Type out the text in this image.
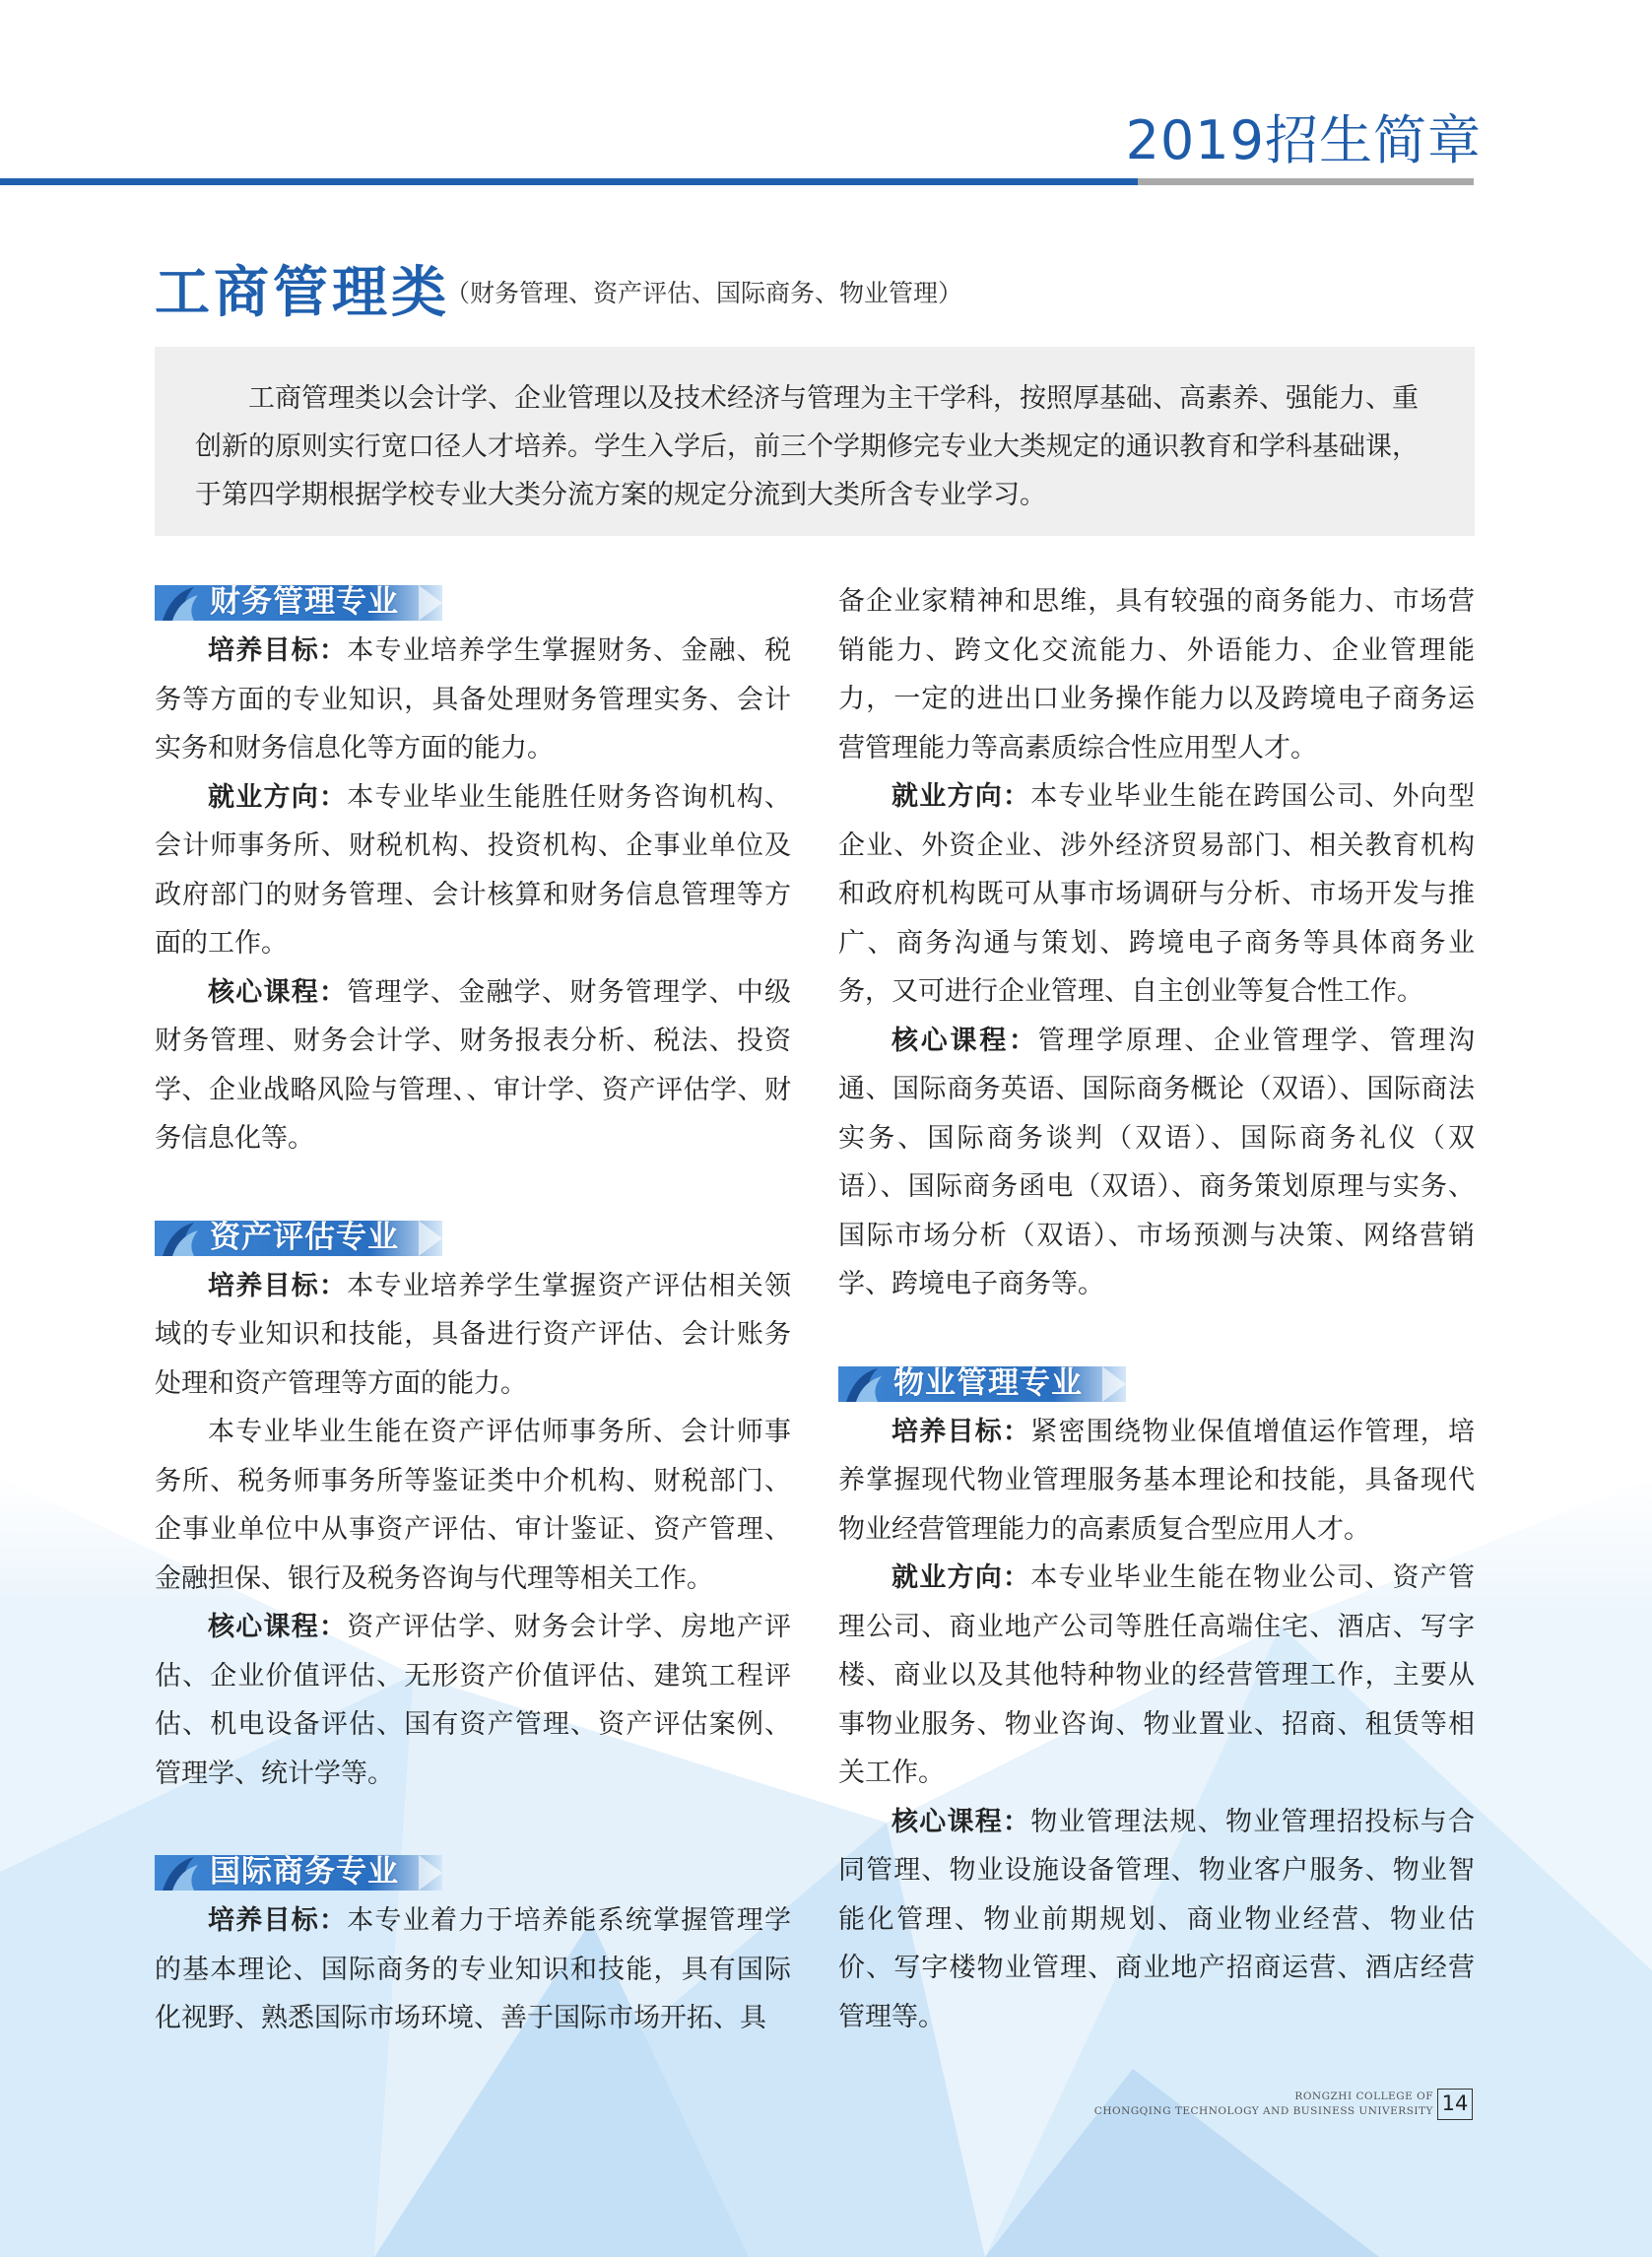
2019招生简章
工商管理类
（财务管理、资产评估、国际商务、物业管理）

工商管理类以会计学、企业管理以及技术经济与管理为主干学科，按照厚基础、高素养、强能力、重创新的原则实行宽口径人才培养。学生入学后，前三个学期修完专业大类规定的通识教育和学科基础课，于第四学期根据学校专业大类分流方案的规定分流到大类所含专业学习。

财务管理专业

培养目标：本专业培养学生掌握财务、金融、税务等方面的专业知识，具备处理财务管理实务、会计实务和财务信息化等方面的能力。

就业方向：本专业毕业生能胜任财务咨询机构、会计师事务所、财税机构、投资机构、企事业单位及政府部门的财务管理、会计核算和财务信息管理等方面的工作。

核心课程：管理学、金融学、财务管理学、中级财务管理、财务会计学、财务报表分析、税法、投资学、企业战略风险与管理、、审计学、资产评估学、财务信息化等。

资产评估专业

培养目标：本专业培养学生掌握资产评估相关领域的专业知识和技能，具备进行资产评估、会计账务处理和资产管理等方面的能力。

本专业毕业生能在资产评估师事务所、会计师事务所、税务师事务所等鉴证类中介机构、财税部门、企事业单位中从事资产评估、审计鉴证、资产管理、金融担保、银行及税务咨询与代理等相关工作。

核心课程：资产评估学、财务会计学、房地产评估、企业价值评估、无形资产价值评估、建筑工程评估、机电设备评估、国有资产管理、资产评估案例、管理学、统计学等。

国际商务专业

培养目标：本专业着力于培养能系统掌握管理学的基本理论、国际商务的专业知识和技能，具有国际化视野、熟悉国际市场环境、善于国际市场开拓、具

备企业家精神和思维，具有较强的商务能力、市场营销能力、跨文化交流能力、外语能力、企业管理能力，一定的进出口业务操作能力以及跨境电子商务运营管理能力等高素质综合性应用型人才。

就业方向：本专业毕业生能在跨国公司、外向型企业、外资企业、涉外经济贸易部门、相关教育机构和政府机构既可从事市场调研与分析、市场开发与推广、商务沟通与策划、跨境电子商务等具体商务业务，又可进行企业管理、自主创业等复合性工作。

核心课程：管理学原理、企业管理学、管理沟通、国际商务英语、国际商务概论（双语）、国际商法实务、国际商务谈判（双语）、国际商务礼仪（双语）、国际商务函电（双语）、商务策划原理与实务、国际市场分析（双语）、市场预测与决策、网络营销学、跨境电子商务等。

物业管理专业

培养目标：紧密围绕物业保值增值运作管理，培养掌握现代物业管理服务基本理论和技能，具备现代物业经营管理能力的高素质复合型应用人才。

就业方向：本专业毕业生能在物业公司、资产管理公司、商业地产公司等胜任高端住宅、酒店、写字楼、商业以及其他特种物业的经营管理工作，主要从事物业服务、物业咨询、物业置业、招商、租赁等相关工作。

核心课程：物业管理法规、物业管理招投标与合同管理、物业设施设备管理、物业客户服务、物业智能化管理、物业前期规划、商业物业经营、物业估价、写字楼物业管理、商业地产招商运营、酒店经营管理等。

RONGZHI COLLEGE OF
CHONGQING TECHNOLOGY AND BUSINESS UNIVERSITY 14
